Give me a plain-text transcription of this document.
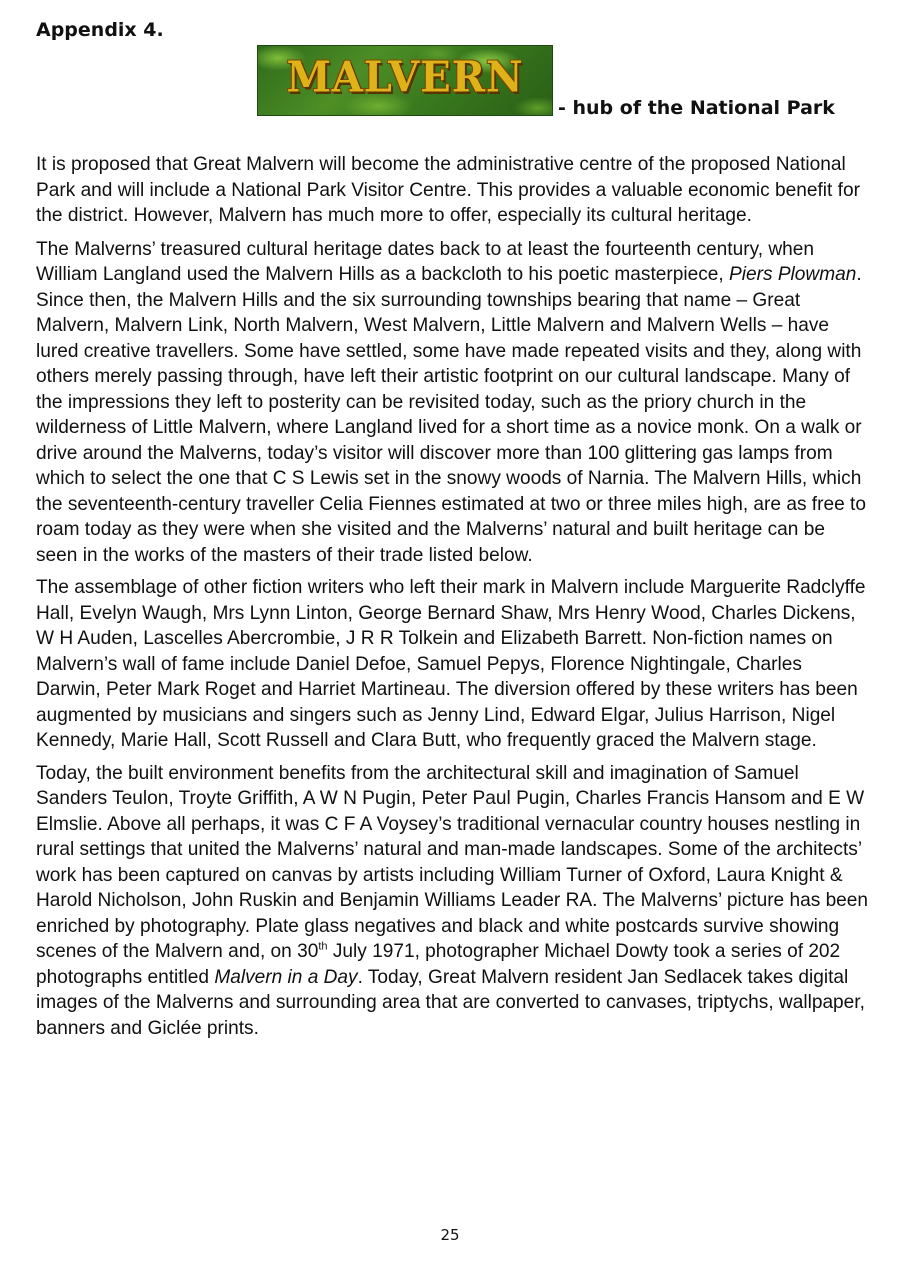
Appendix 4.
MALVERN
- hub of the National Park

It is proposed that Great Malvern will become the administrative centre of the proposed National Park and will include a National Park Visitor Centre. This provides a valuable economic benefit for the district. However, Malvern has much more to offer, especially its cultural heritage.

The Malverns’ treasured cultural heritage dates back to at least the fourteenth century, when William Langland used the Malvern Hills as a backcloth to his poetic masterpiece, Piers Plowman. Since then, the Malvern Hills and the six surrounding townships bearing that name – Great Malvern, Malvern Link, North Malvern, West Malvern, Little Malvern and Malvern Wells – have lured creative travellers. Some have settled, some have made repeated visits and they, along with others merely passing through, have left their artistic footprint on our cultural landscape. Many of the impressions they left to posterity can be revisited today, such as the priory church in the wilderness of Little Malvern, where Langland lived for a short time as a novice monk. On a walk or drive around the Malverns, today’s visitor will discover more than 100 glittering gas lamps from which to select the one that C S Lewis set in the snowy woods of Narnia. The Malvern Hills, which the seventeenth-century traveller Celia Fiennes estimated at two or three miles high, are as free to roam today as they were when she visited and the Malverns’ natural and built heritage can be seen in the works of the masters of their trade listed below.

The assemblage of other fiction writers who left their mark in Malvern include Marguerite Radclyffe Hall, Evelyn Waugh, Mrs Lynn Linton, George Bernard Shaw, Mrs Henry Wood, Charles Dickens, W H Auden, Lascelles Abercrombie, J R R Tolkein and Elizabeth Barrett. Non-fiction names on Malvern’s wall of fame include Daniel Defoe, Samuel Pepys, Florence Nightingale, Charles Darwin, Peter Mark Roget and Harriet Martineau. The diversion offered by these writers has been augmented by musicians and singers such as Jenny Lind, Edward Elgar, Julius Harrison, Nigel Kennedy, Marie Hall, Scott Russell and Clara Butt, who frequently graced the Malvern stage.

Today, the built environment benefits from the architectural skill and imagination of Samuel Sanders Teulon, Troyte Griffith, A W N Pugin, Peter Paul Pugin, Charles Francis Hansom and E W Elmslie. Above all perhaps, it was C F A Voysey’s traditional vernacular country houses nestling in rural settings that united the Malverns’ natural and man-made landscapes. Some of the architects’ work has been captured on canvas by artists including William Turner of Oxford, Laura Knight & Harold Nicholson, John Ruskin and Benjamin Williams Leader RA. The Malverns’ picture has been enriched by photography. Plate glass negatives and black and white postcards survive showing scenes of the Malvern and, on 30th July 1971, photographer Michael Dowty took a series of 202 photographs entitled Malvern in a Day. Today, Great Malvern resident Jan Sedlacek takes digital images of the Malverns and surrounding area that are converted to canvases, triptychs, wallpaper, banners and Giclée prints.

25
